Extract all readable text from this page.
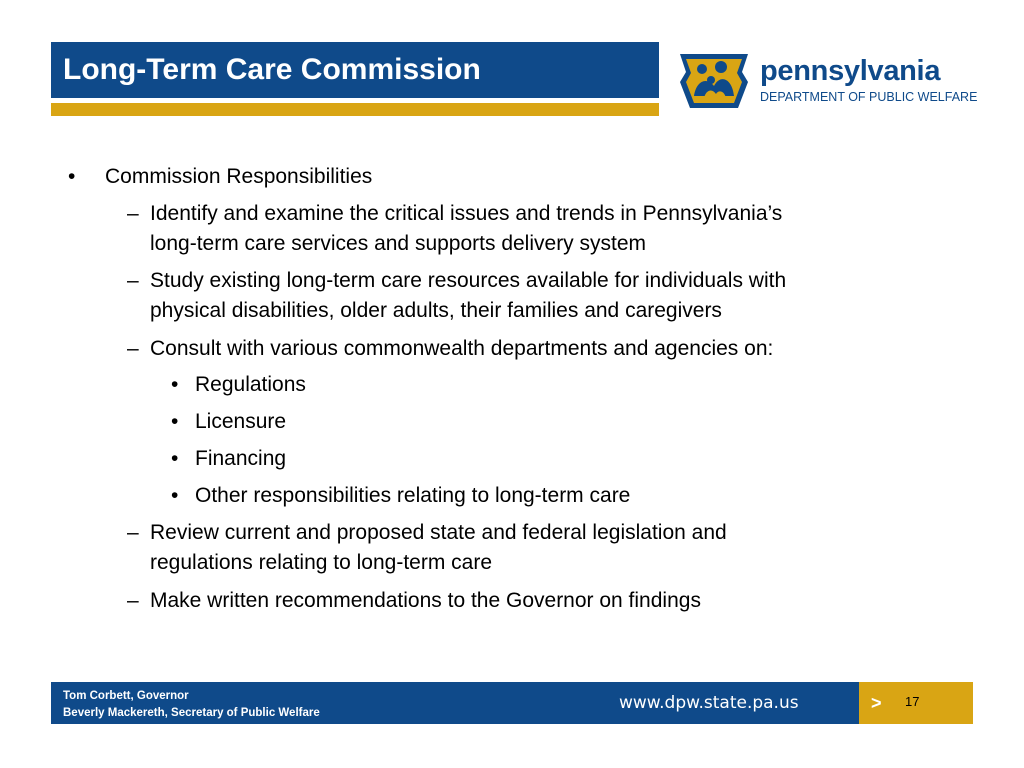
Long-Term Care Commission	pennsylvania
DEPARTMENT OF PUBLIC WELFARE
• Commission Responsibilities
– Identify and examine the critical issues and trends in Pennsylvania’s
long-term care services and supports delivery system
– Study existing long-term care resources available for individuals with
physical disabilities, older adults, their families and caregivers
– Consult with various commonwealth departments and agencies on:
• Regulations
• Licensure
• Financing
• Other responsibilities relating to long-term care
– Review current and proposed state and federal legislation and
regulations relating to long-term care
– Make written recommendations to the Governor on findings
Tom Corbett, Governor
Beverly Mackereth, Secretary of Public Welfare	www.dpw.state.pa.us	> 17
